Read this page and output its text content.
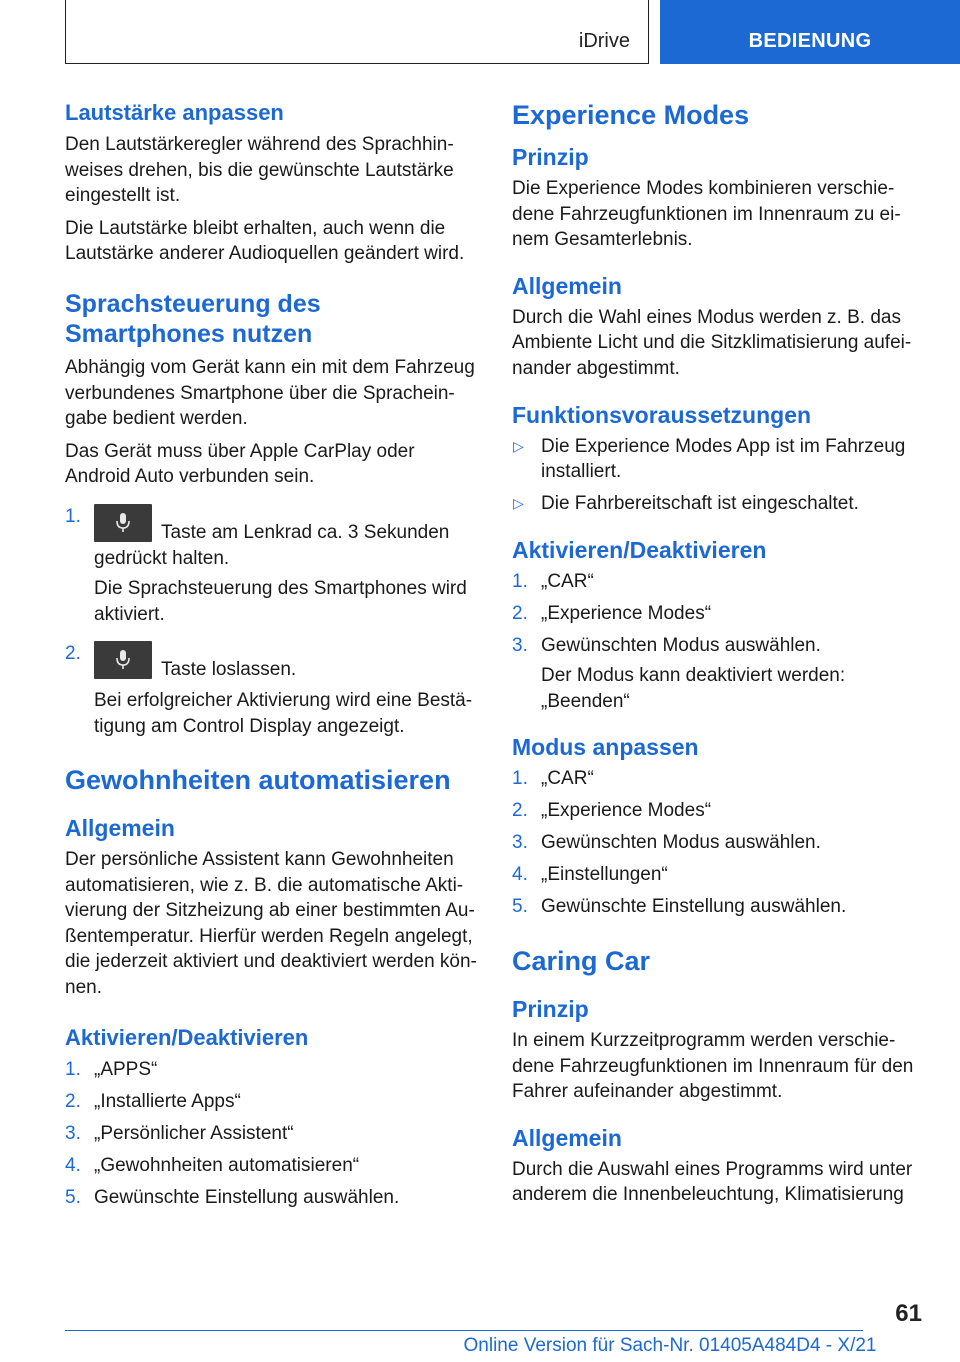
iDrive	BEDIENUNG
Lautstärke anpassen

Den Lautstärkeregler während des Sprachhin- weises drehen, bis die gewünschte Lautstärke eingestellt ist.

Die Lautstärke bleibt erhalten, auch wenn die Lautstärke anderer Audioquellen geändert wird.

Sprachsteuerung des Smartphones nutzen

Abhängig vom Gerät kann ein mit dem Fahrzeug verbundenes Smartphone über die Sprachein- gabe bedient werden.

Das Gerät muss über Apple CarPlay oder Android Auto verbunden sein.

1.
Taste am Lenkrad ca. 3 Sekunden gedrückt halten.

Die Sprachsteuerung des Smartphones wird aktiviert.

2.
Taste loslassen.

Bei erfolgreicher Aktivierung wird eine Bestä- tigung am Control Display angezeigt.

Gewohnheiten automatisieren
Allgemein

Der persönliche Assistent kann Gewohnheiten automatisieren, wie z. B. die automatische Akti- vierung der Sitzheizung ab einer bestimmten Au- ßentemperatur. Hierfür werden Regeln angelegt, die jederzeit aktiviert und deaktiviert werden kön- nen.

Aktivieren/Deaktivieren
1. „APPS“
2. „Installierte Apps“
3. „Persönlicher Assistent“
4. „Gewohnheiten automatisieren“
5. Gewünschte Einstellung auswählen.
Experience Modes
Prinzip

Die Experience Modes kombinieren verschie- dene Fahrzeugfunktionen im Innenraum zu ei- nem Gesamterlebnis.

Allgemein

Durch die Wahl eines Modus werden z. B. das Ambiente Licht und die Sitzklimatisierung aufei- nander abgestimmt.

Funktionsvoraussetzungen
▷ Die Experience Modes App ist im Fahrzeug installiert.
▷ Die Fahrbereitschaft ist eingeschaltet.
Aktivieren/Deaktivieren
1. „CAR“
2. „Experience Modes“
3. Gewünschten Modus auswählen.

Der Modus kann deaktiviert werden: „Beenden“

Modus anpassen
1. „CAR“
2. „Experience Modes“
3. Gewünschten Modus auswählen.
4. „Einstellungen“
5. Gewünschte Einstellung auswählen.
Caring Car
Prinzip

In einem Kurzzeitprogramm werden verschie- dene Fahrzeugfunktionen im Innenraum für den Fahrer aufeinander abgestimmt.

Allgemein

Durch die Auswahl eines Programms wird unter anderem die Innenbeleuchtung, Klimatisierung

61
Online Version für Sach-Nr. 01405A484D4 - X/21
